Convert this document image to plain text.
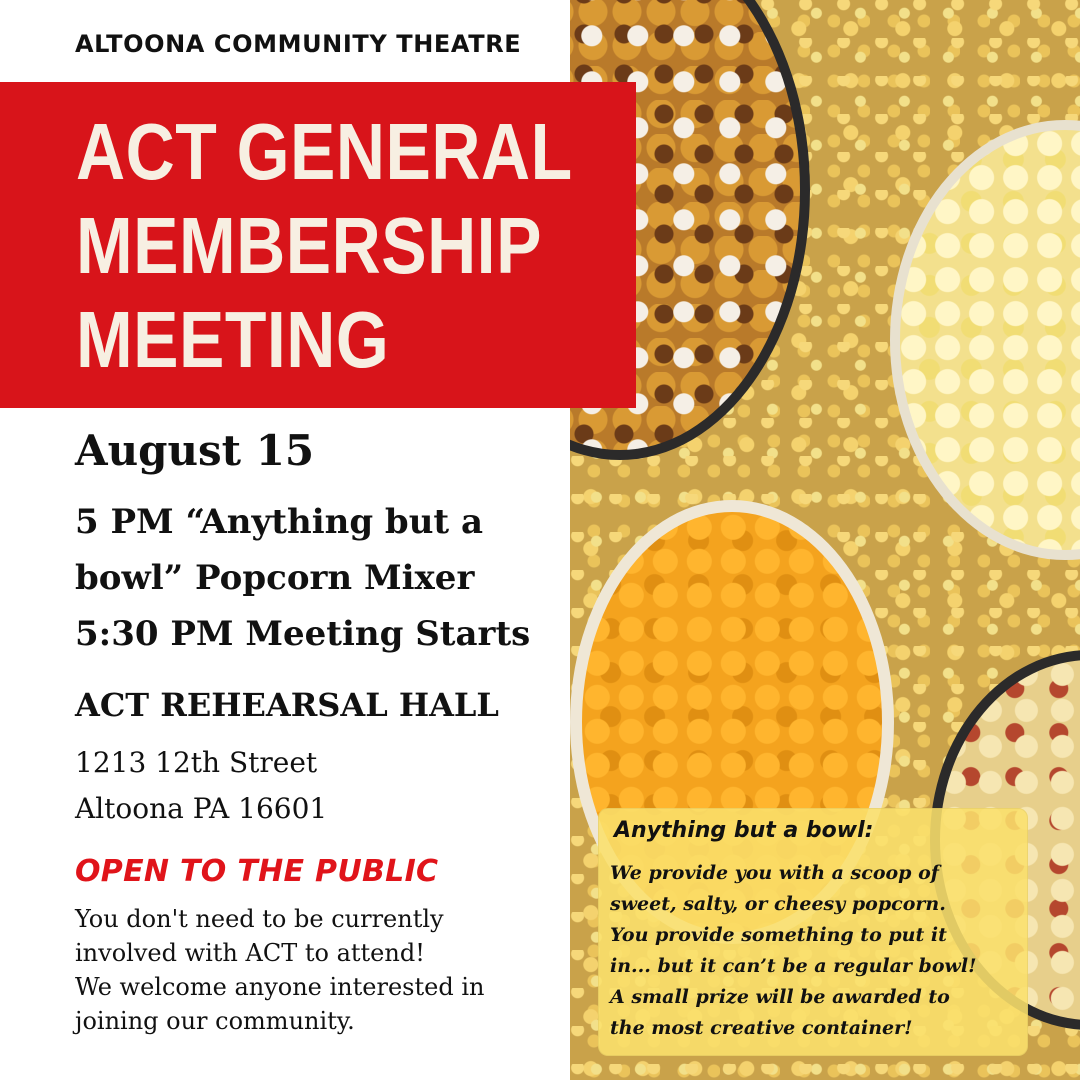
Anything but a bowl:
We provide you with a scoop of
sweet, salty, or cheesy popcorn.
You provide something to put it
in... but it can’t be a regular bowl!
A small prize will be awarded to
the most creative container!
ALTOONA COMMUNITY THEATRE
ACT GENERAL
MEMBERSHIP
MEETING
August 15
5 PM “Anything but a
bowl” Popcorn Mixer
5:30 PM Meeting Starts
ACT REHEARSAL HALL
1213 12th Street
Altoona PA 16601
OPEN TO THE PUBLIC
You don't need to be currently
involved with ACT to attend!
We welcome anyone interested in
joining our community.
